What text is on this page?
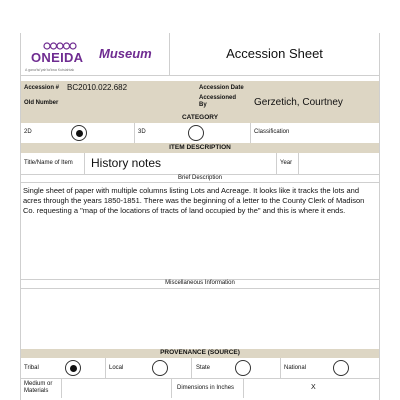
ONEIDA
A gana'tsi'yah'ta'kwa Kutsiahtak
Museum	Accession Sheet
Accession # BC2010.022.682	Accession Date
Old Number
Accessioned By	Gerzetich, Courtney
CATEGORY
2D	3D	Classification
ITEM DESCRIPTION
Title/Name of Item History notes	Year
Brief Description
Single sheet of paper with multiple columns listing Lots and Acreage. It looks like it tracks the lots and acres through the years 1850-1851. There was the beginning of a letter to the County Clerk of Madison Co. requesting a "map of the locations of tracts of land occupied by the" and this is where it ends.
Miscellaneous Information
PROVENANCE (SOURCE)
Tribal	Local	State	National
Medium or Materials	Dimensions in Inches	X
